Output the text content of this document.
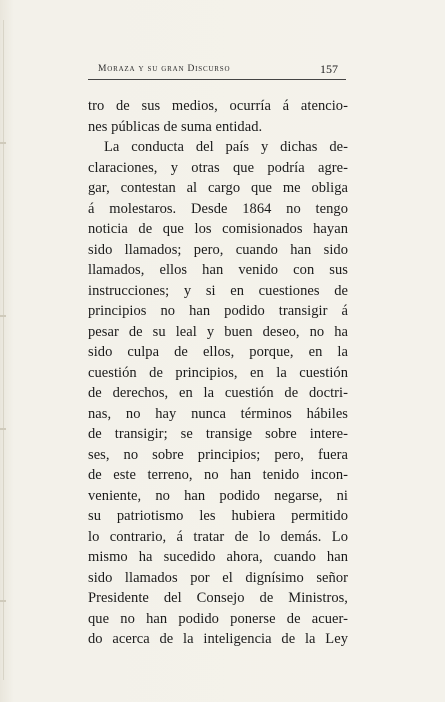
Moraza y su gran Discurso	157
tro de sus medios, ocurría á atencio-
nes públicas de suma entidad.
La conducta del país y dichas de-
claraciones, y otras que podría agre-
gar, contestan al cargo que me obliga
á molestaros. Desde 1864 no tengo
noticia de que los comisionados hayan
sido llamados; pero, cuando han sido
llamados, ellos han venido con sus
instrucciones; y si en cuestiones de
principios no han podido transigir á
pesar de su leal y buen deseo, no ha
sido culpa de ellos, porque, en la
cuestión de principios, en la cuestión
de derechos, en la cuestión de doctri-
nas, no hay nunca términos hábiles
de transigir; se transige sobre intere-
ses, no sobre principios; pero, fuera
de este terreno, no han tenido incon-
veniente, no han podido negarse, ni
su patriotismo les hubiera permitido
lo contrario, á tratar de lo demás. Lo
mismo ha sucedido ahora, cuando han
sido llamados por el dignísimo señor
Presidente del Consejo de Ministros,
que no han podido ponerse de acuer-
do acerca de la inteligencia de la Ley
